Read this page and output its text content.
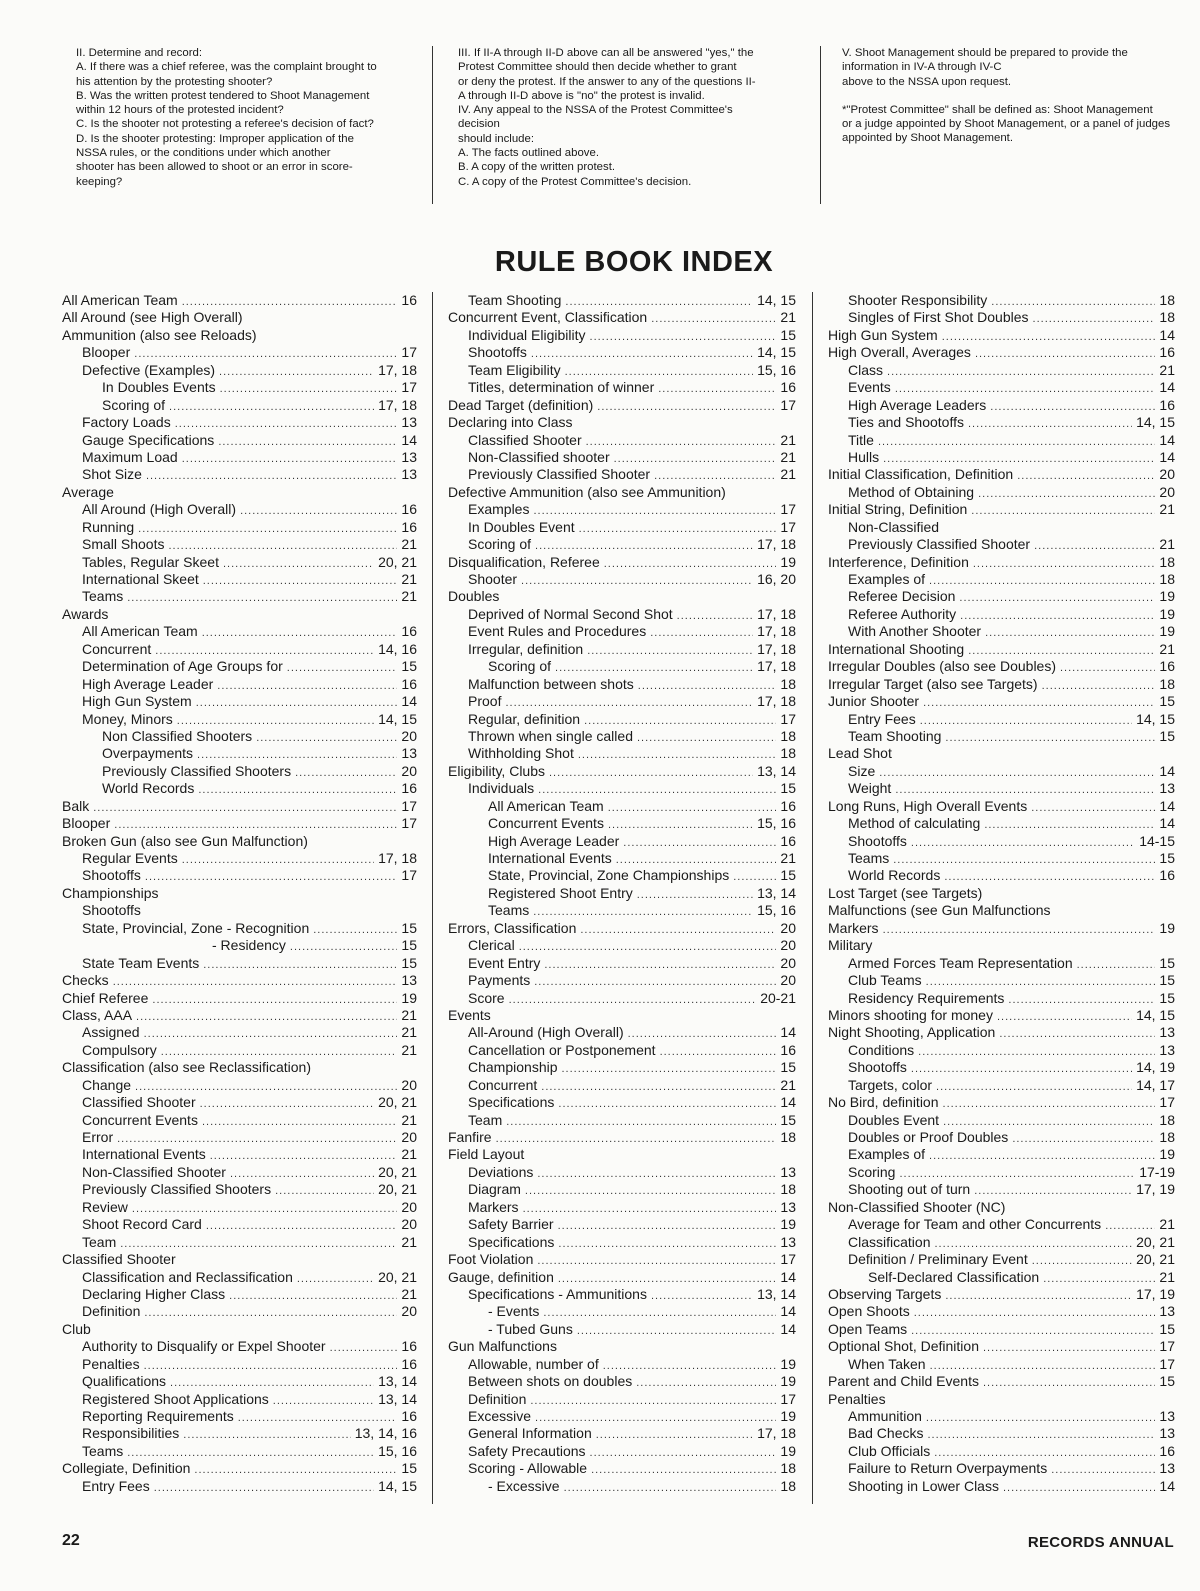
II. Determine and record:
A. If there was a chief referee, was the complaint brought to
his attention by the protesting shooter?
B. Was the written protest tendered to Shoot Management
within 12 hours of the protested incident?
C. Is the shooter not protesting a referee's decision of fact?
D. Is the shooter protesting: Improper application of the
NSSA rules, or the conditions under which another
shooter has been allowed to shoot or an error in score-
keeping?
III. If II-A through II-D above can all be answered "yes," the
Protest Committee should then decide whether to grant
or deny the protest. If the answer to any of the questions II-
A through II-D above is "no" the protest is invalid.
IV. Any appeal to the NSSA of the Protest Committee's
decision
should include:
A. The facts outlined above.
B. A copy of the written protest.
C. A copy of the Protest Committee's decision.
V. Shoot Management should be prepared to provide the
information in IV-A through IV-C
above to the NSSA upon request.
*"Protest Committee" shall be defined as: Shoot Management
or a judge appointed by Shoot Management, or a panel of judges
appointed by Shoot Management.
RULE BOOK INDEX
All American Team .....	16
All Around (see High Overall)
Ammunition (also see Reloads)
Blooper .....	17
Defective (Examples) .....	17, 18
In Doubles Events .....	17
Scoring of .....	17, 18
Factory Loads .....	13
Gauge Specifications .....	14
Maximum Load .....	13
Shot Size .....	13
Average
All Around (High Overall) .....	16
Running .....	16
Small Shoots .....	21
Tables, Regular Skeet .....	20, 21
International Skeet .....	21
Teams .....	21
Awards
All American Team .....	16
Concurrent .....	14, 16
Determination of Age Groups for .....	15
High Average Leader .....	16
High Gun System .....	14
Money, Minors .....	14, 15
Non Classified Shooters .....	20
Overpayments .....	13
Previously Classified Shooters .....	20
World Records .....	16
Balk .....	17
Blooper .....	17
Broken Gun (also see Gun Malfunction)
Regular Events .....	17, 18
Shootoffs .....	17
Championships
Shootoffs
State, Provincial, Zone - Recognition .....	15
- Residency .....	15
State Team Events .....	15
Checks .....	13
Chief Referee .....	19
Class, AAA .....	21
Assigned .....	21
Compulsory .....	21
Classification (also see Reclassification)
Change .....	20
Classified Shooter .....	20, 21
Concurrent Events .....	21
Error .....	20
International Events .....	21
Non-Classified Shooter .....	20, 21
Previously Classified Shooters .....	20, 21
Review .....	20
Shoot Record Card .....	20
Team .....	21
Classified Shooter
Classification and Reclassification .....	20, 21
Declaring Higher Class .....	21
Definition .....	20
Club
Authority to Disqualify or Expel Shooter .....	16
Penalties .....	16
Qualifications .....	13, 14
Registered Shoot Applications .....	13, 14
Reporting Requirements .....	16
Responsibilities .....	13, 14, 16
Teams .....	15, 16
Collegiate, Definition .....	15
Entry Fees .....	14, 15
Team Shooting .....	14, 15
Concurrent Event, Classification .....	21
Individual Eligibility .....	15
Shootoffs .....	14, 15
Team Eligibility .....	15, 16
Titles, determination of winner .....	16
Dead Target (definition) .....	17
Declaring into Class
Classified Shooter .....	21
Non-Classified shooter .....	21
Previously Classified Shooter .....	21
Defective Ammunition (also see Ammunition)
Examples .....	17
In Doubles Event .....	17
Scoring of .....	17, 18
Disqualification, Referee .....	19
Shooter .....	16, 20
Doubles
Deprived of Normal Second Shot .....	17, 18
Event Rules and Procedures .....	17, 18
Irregular, definition .....	17, 18
Scoring of .....	17, 18
Malfunction between shots .....	18
Proof .....	17, 18
Regular, definition .....	17
Thrown when single called .....	18
Withholding Shot .....	18
Eligibility, Clubs .....	13, 14
Individuals .....	15
All American Team .....	16
Concurrent Events .....	15, 16
High Average Leader .....	16
International Events .....	21
State, Provincial, Zone Championships .....	15
Registered Shoot Entry .....	13, 14
Teams .....	15, 16
Errors, Classification .....	20
Clerical .....	20
Event Entry .....	20
Payments .....	20
Score .....	20-21
Events
All-Around (High Overall) .....	14
Cancellation or Postponement .....	16
Championship .....	15
Concurrent .....	21
Specifications .....	14
Team .....	15
Fanfire .....	18
Field Layout
Deviations .....	13
Diagram .....	18
Markers .....	13
Safety Barrier .....	19
Specifications .....	13
Foot Violation .....	17
Gauge, definition .....	14
Specifications - Ammunitions .....	13, 14
- Events .....	14
- Tubed Guns .....	14
Gun Malfunctions
Allowable, number of .....	19
Between shots on doubles .....	19
Definition .....	17
Excessive .....	19
General Information .....	17, 18
Safety Precautions .....	19
Scoring - Allowable .....	18
- Excessive .....	18
Shooter Responsibility .....	18
Singles of First Shot Doubles .....	18
High Gun System .....	14
High Overall, Averages .....	16
Class .....	21
Events .....	14
High Average Leaders .....	16
Ties and Shootoffs .....	14, 15
Title .....	14
Hulls .....	14
Initial Classification, Definition .....	20
Method of Obtaining .....	20
Initial String, Definition .....	21
Non-Classified
Previously Classified Shooter .....	21
Interference, Definition .....	18
Examples of .....	18
Referee Decision .....	19
Referee Authority .....	19
With Another Shooter .....	19
International Shooting .....	21
Irregular Doubles (also see Doubles) .....	16
Irregular Target (also see Targets) .....	18
Junior Shooter .....	15
Entry Fees .....	14, 15
Team Shooting .....	15
Lead Shot
Size .....	14
Weight .....	13
Long Runs, High Overall Events .....	14
Method of calculating .....	14
Shootoffs .....	14-15
Teams .....	15
World Records .....	16
Lost Target (see Targets)
Malfunctions (see Gun Malfunctions
Markers .....	19
Military
Armed Forces Team Representation .....	15
Club Teams .....	15
Residency Requirements .....	15
Minors shooting for money .....	14, 15
Night Shooting, Application .....	13
Conditions .....	13
Shootoffs .....	14, 19
Targets, color .....	14, 17
No Bird, definition .....	17
Doubles Event .....	18
Doubles or Proof Doubles .....	18
Examples of .....	19
Scoring .....	17-19
Shooting out of turn .....	17, 19
Non-Classified Shooter (NC)
Average for Team and other Concurrents .....	21
Classification .....	20, 21
Definition / Preliminary Event .....	20, 21
Self-Declared Classification .....	21
Observing Targets .....	17, 19
Open Shoots .....	13
Open Teams .....	15
Optional Shot, Definition .....	17
When Taken .....	17
Parent and Child Events .....	15
Penalties
Ammunition .....	13
Bad Checks .....	13
Club Officials .....	16
Failure to Return Overpayments .....	13
Shooting in Lower Class .....	14
22	RECORDS ANNUAL
